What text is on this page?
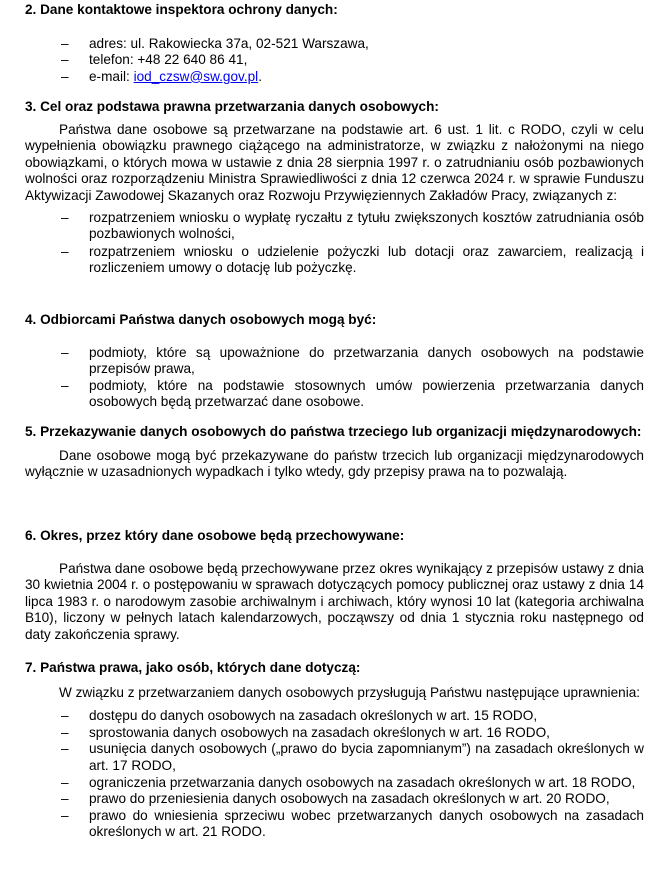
2. Dane kontaktowe inspektora ochrony danych:
– adres: ul. Rakowiecka 37a, 02-521 Warszawa,
– telefon: +48 22 640 86 41,
– e-mail: iod_czsw@sw.gov.pl.
3. Cel oraz podstawa prawna przetwarzania danych osobowych:

Państwa dane osobowe są przetwarzane na podstawie art. 6 ust. 1 lit. c RODO, czyli w celu wypełnienia obowiązku prawnego ciążącego na administratorze, w związku z nałożonymi na niego obowiązkami, o których mowa w ustawie z dnia 28 sierpnia 1997 r. o zatrudnianiu osób pozbawionych wolności oraz rozporządzeniu Ministra Sprawiedliwości z dnia 12 czerwca 2024 r. w sprawie Funduszu Aktywizacji Zawodowej Skazanych oraz Rozwoju Przywięziennych Zakładów Pracy, związanych z:

– rozpatrzeniem wniosku o wypłatę ryczałtu z tytułu zwiększonych kosztów zatrudniania osób pozbawionych wolności,
– rozpatrzeniem wniosku o udzielenie pożyczki lub dotacji oraz zawarciem, realizacją i rozliczeniem umowy o dotację lub pożyczkę.
4. Odbiorcami Państwa danych osobowych mogą być:
– podmioty, które są upoważnione do przetwarzania danych osobowych na podstawie przepisów prawa,
– podmioty, które na podstawie stosownych umów powierzenia przetwarzania danych osobowych będą przetwarzać dane osobowe.
5. Przekazywanie danych osobowych do państwa trzeciego lub organizacji międzynarodowych:

Dane osobowe mogą być przekazywane do państw trzecich lub organizacji międzynarodowych wyłącznie w uzasadnionych wypadkach i tylko wtedy, gdy przepisy prawa na to pozwalają.

6. Okres, przez który dane osobowe będą przechowywane:

Państwa dane osobowe będą przechowywane przez okres wynikający z przepisów ustawy z dnia 30 kwietnia 2004 r. o postępowaniu w sprawach dotyczących pomocy publicznej oraz ustawy z dnia 14 lipca 1983 r. o narodowym zasobie archiwalnym i archiwach, który wynosi 10 lat (kategoria archiwalna B10), liczony w pełnych latach kalendarzowych, począwszy od dnia 1 stycznia roku następnego od daty zakończenia sprawy.

7. Państwa prawa, jako osób, których dane dotyczą:

W związku z przetwarzaniem danych osobowych przysługują Państwu następujące uprawnienia:

– dostępu do danych osobowych na zasadach określonych w art. 15 RODO,
– sprostowania danych osobowych na zasadach określonych w art. 16 RODO,
– usunięcia danych osobowych („prawo do bycia zapomnianym”) na zasadach określonych w art. 17 RODO,
– ograniczenia przetwarzania danych osobowych na zasadach określonych w art. 18 RODO,
– prawo do przeniesienia danych osobowych na zasadach określonych w art. 20 RODO,
– prawo do wniesienia sprzeciwu wobec przetwarzanych danych osobowych na zasadach określonych w art. 21 RODO.
